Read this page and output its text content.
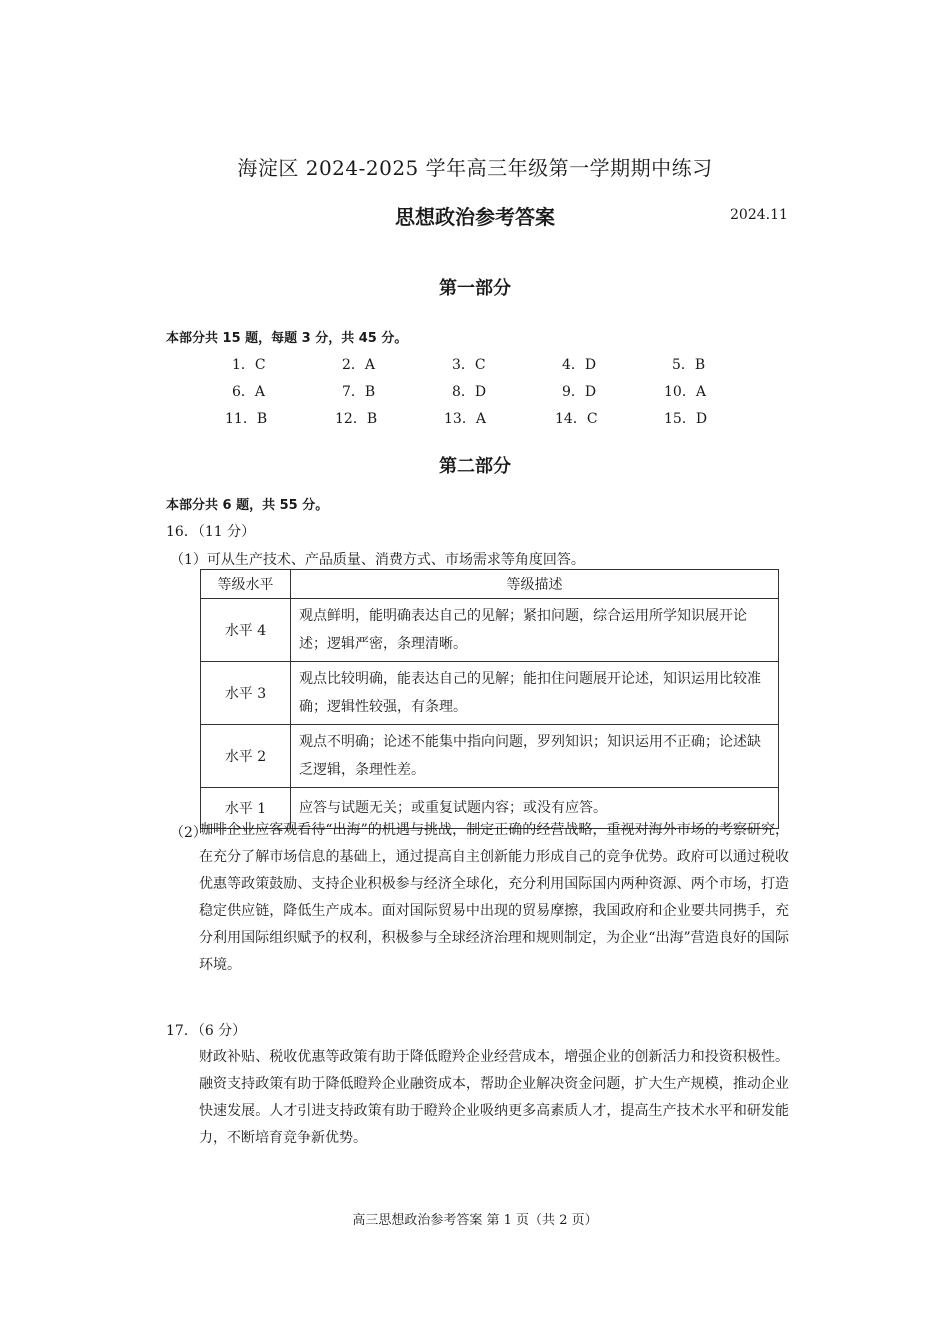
海淀区 2024-2025 学年高三年级第一学期期中练习
思想政治参考答案	2024.11
第一部分
本部分共 15 题，每题 3 分，共 45 分。
1．C	2．A	3．C	4．D	5．B
6．A	7．B	8．D	9．D	10．A
11．B	12．B	13．A	14．C	15．D
第二部分
本部分共 6 题，共 55 分。
16．（11 分）
（1）可从生产技术、产品质量、消费方式、市场需求等角度回答。
等级水平	等级描述
水平 4	观点鲜明，能明确表达自己的见解；紧扣问题，综合运用所学知识展开论述；逻辑严密，条理清晰。
水平 3	观点比较明确，能表达自己的见解；能扣住问题展开论述，知识运用比较准确；逻辑性较强，有条理。
水平 2	观点不明确；论述不能集中指向问题，罗列知识；知识运用不正确；论述缺乏逻辑，条理性差。
水平 1	应答与试题无关；或重复试题内容；或没有应答。
（2）
咖啡企业应客观看待“出海”的机遇与挑战，制定正确的经营战略，重视对海外市场的考察研究，在充分了解市场信息的基础上，通过提高自主创新能力形成自己的竞争优势。政府可以通过税收优惠等政策鼓励、支持企业积极参与经济全球化，充分利用国际国内两种资源、两个市场，打造稳定供应链，降低生产成本。面对国际贸易中出现的贸易摩擦，我国政府和企业要共同携手，充分利用国际组织赋予的权利，积极参与全球经济治理和规则制定，为企业“出海”营造良好的国际环境。
17．（6 分）
财政补贴、税收优惠等政策有助于降低瞪羚企业经营成本，增强企业的创新活力和投资积极性。融资支持政策有助于降低瞪羚企业融资成本，帮助企业解决资金问题，扩大生产规模，推动企业快速发展。人才引进支持政策有助于瞪羚企业吸纳更多高素质人才，提高生产技术水平和研发能力，不断培育竞争新优势。
高三思想政治参考答案 第 1 页（共 2 页）
